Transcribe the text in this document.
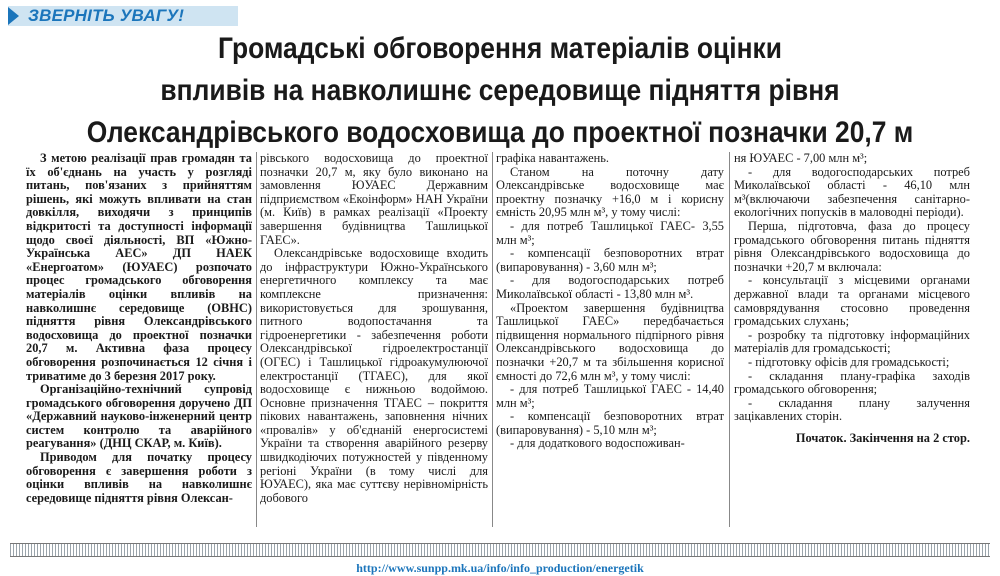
ЗВЕРНІТЬ УВАГУ!
Громадські обговорення матеріалів оцінки
впливів на навколишнє середовище підняття рівня
Олександрівського водосховища до проектної позначки 20,7 м

З метою реалізації прав громадян та їх об'єднань на участь у розгляді питань, пов'язаних з прийняттям рішень, які можуть впливати на стан довкілля, виходячи з принципів відкритості та доступності інформації щодо своєї діяльності, ВП «Южно-Українська АЕС» ДП НАЕК «Енергоатом» (ЮУАЕС) розпочато процес громадського обговорення матеріалів оцінки впливів на навколишнє середовище (ОВНС) підняття рівня Олександрівського водосховища до проектної позначки 20,7 м. Активна фаза процесу обговорення розпочинається 12 січня і триватиме до 3 березня 2017 року.

Організаційно-технічний супровід громадського обговорення доручено ДП «Державний науково-інженерний центр систем контролю та аварійного реагування» (ДНЦ СКАР, м. Київ).

Приводом для початку процесу обговорення є завершення роботи з оцінки впливів на навколишнє середовище підняття рівня Олексан-

рівського водосховища до проектної позначки 20,7 м, яку було виконано на замовлення ЮУАЕС Державним підприємством «Екоінформ» НАН України (м. Київ) в рамках реалізації «Проекту завершення будівництва Ташлицької ГАЕС».

Олександрівське водосховище входить до інфраструктури Южно-Українського енергетичного комплексу та має комплексне призначення: використовується для зрошування, питного водопостачання та гідроенергетики - забезпечення роботи Олександрівської гідроелектростанції (ОГЕС) і Ташлицької гідроакумулюючої електростанції (ТГАЕС), для якої водосховище є нижньою водоймою. Основне призначення ТГАЕС – покриття пікових навантажень, заповнення нічних «провалів» у об'єднаній енергосистемі України та створення аварійного резерву швидкодіючих потужностей у південному регіоні України (в тому числі для ЮУАЕС), яка має суттєву нерівномірність добового

графіка навантажень.

Станом на поточну дату Олександрівське водосховище має проектну позначку +16,0 м і корисну ємність 20,95 млн м³, у тому числі:

- для потреб Ташлицької ГАЕС- 3,55 млн м³;

- компенсації безповоротних втрат (випаровування) - 3,60 млн м³;

- для водогосподарських потреб Миколаївської області - 13,80 млн м³.

«Проектом завершення будівництва Ташлицької ГАЕС» передбачається підвищення нормального підпірного рівня Олександрівського водосховища до позначки +20,7 м та збільшення корисної ємності до 72,6 млн м³, у тому числі:

- для потреб Ташлицької ГАЕС - 14,40 млн м³;

- компенсації безповоротних втрат (випаровування) - 5,10 млн м³;

- для додаткового водоспоживан-

ня ЮУАЕС - 7,00 млн м³;

- для водогосподарських потреб Миколаївської області - 46,10 млн м³(включаючи забезпечення санітарно-екологічних попусків в маловодні періоди).

Перша, підготовча, фаза до процесу громадського обговорення питань підняття рівня Олександрівського водосховища до позначки +20,7 м включала:

- консультації з місцевими органами державної влади та органами місцевого самоврядування стосовно проведення громадських слухань;

- розробку та підготовку інформаційних матеріалів для громадськості;

- підготовку офісів для громадськості;

- складання плану-графіка заходів громадського обговорення;

- складання плану залучення зацікавлених сторін.

Початок. Закінчення на 2 стор.

http://www.sunpp.mk.ua/info/info_production/energetik
